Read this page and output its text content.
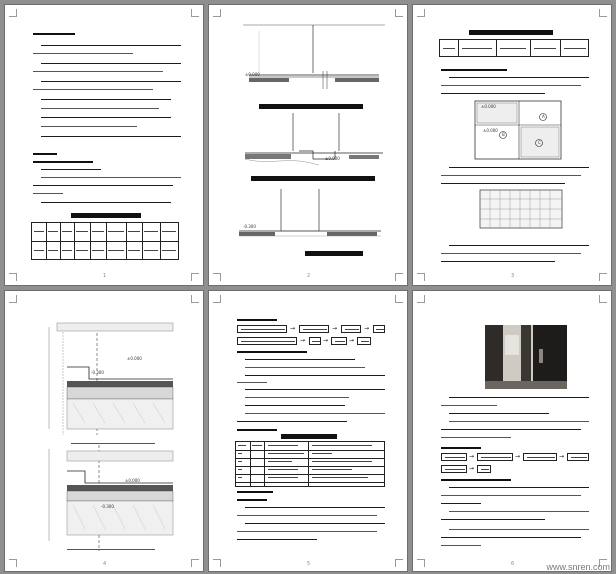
1
±0.000
±0.000
-0.300
2
±0.000
±0.000
A
B
C
3
-0.300
±0.000
-0.300
±0.000
4
→	→	→
→	→	→
5
→	→	→
→
6	www.snren.com
